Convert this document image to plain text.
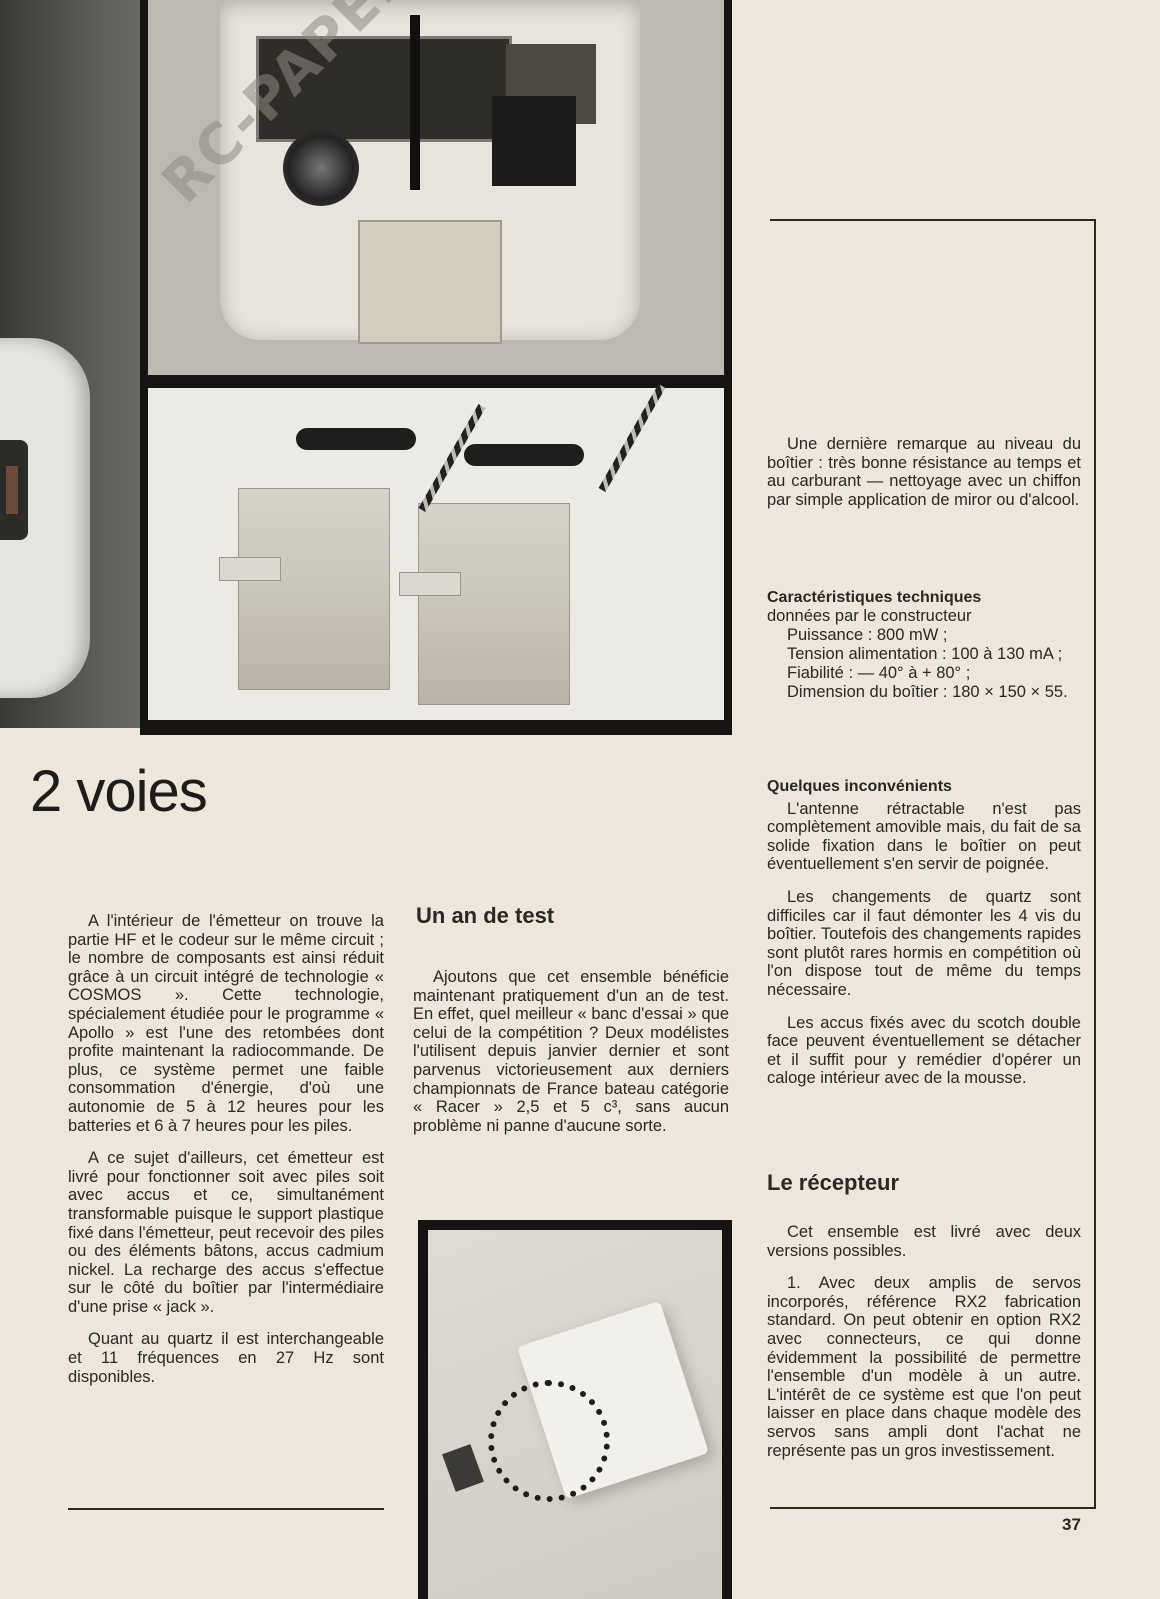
2 voies

A l'intérieur de l'émetteur on trouve la partie HF et le codeur sur le même circuit ; le nombre de composants est ainsi réduit grâce à un circuit intégré de technologie « COSMOS ». Cette technologie, spécialement étudiée pour le programme « Apollo » est l'une des retombées dont profite maintenant la radiocommande. De plus, ce système permet une faible consommation d'énergie, d'où une autonomie de 5 à 12 heures pour les batteries et 6 à 7 heures pour les piles.

A ce sujet d'ailleurs, cet émetteur est livré pour fonctionner soit avec piles soit avec accus et ce, simultanément transformable puisque le support plastique fixé dans l'émetteur, peut recevoir des piles ou des éléments bâtons, accus cadmium nickel. La recharge des accus s'effectue sur le côté du boîtier par l'intermédiaire d'une prise « jack ».

Quant au quartz il est interchangeable et 11 fréquences en 27 Hz sont disponibles.

Un an de test

Ajoutons que cet ensemble bénéficie maintenant pratiquement d'un an de test. En effet, quel meilleur « banc d'essai » que celui de la compétition ? Deux modélistes l'utilisent depuis janvier dernier et sont parvenus victorieusement aux derniers championnats de France bateau catégorie « Racer » 2,5 et 5 c³, sans aucun problème ni panne d'aucune sorte.

Une dernière remarque au niveau du boîtier : très bonne résistance au temps et au carburant — nettoyage avec un chiffon par simple application de miror ou d'alcool.

Caractéristiques techniques
données par le constructeur
Puissance : 800 mW ;
Tension alimentation : 100 à 130 mA ;
Fiabilité : — 40° à + 80° ;
Dimension du boîtier : 180 × 150 × 55.
Quelques inconvénients

L'antenne rétractable n'est pas complètement amovible mais, du fait de sa solide fixation dans le boîtier on peut éventuellement s'en servir de poignée.

Les changements de quartz sont difficiles car il faut démonter les 4 vis du boîtier. Toutefois des changements rapides sont plutôt rares hormis en compétition où l'on dispose tout de même du temps nécessaire.

Les accus fixés avec du scotch double face peuvent éventuellement se détacher et il suffit pour y remédier d'opérer un caloge intérieur avec de la mousse.

Le récepteur

Cet ensemble est livré avec deux versions possibles.

1. Avec deux amplis de servos incorporés, référence RX2 fabrication standard. On peut obtenir en option RX2 avec connecteurs, ce qui donne évidemment la possibilité de permettre l'ensemble d'un modèle à un autre. L'intérêt de ce système est que l'on peut laisser en place dans chaque modèle des servos sans ampli dont l'achat ne représente pas un gros investissement.

37
